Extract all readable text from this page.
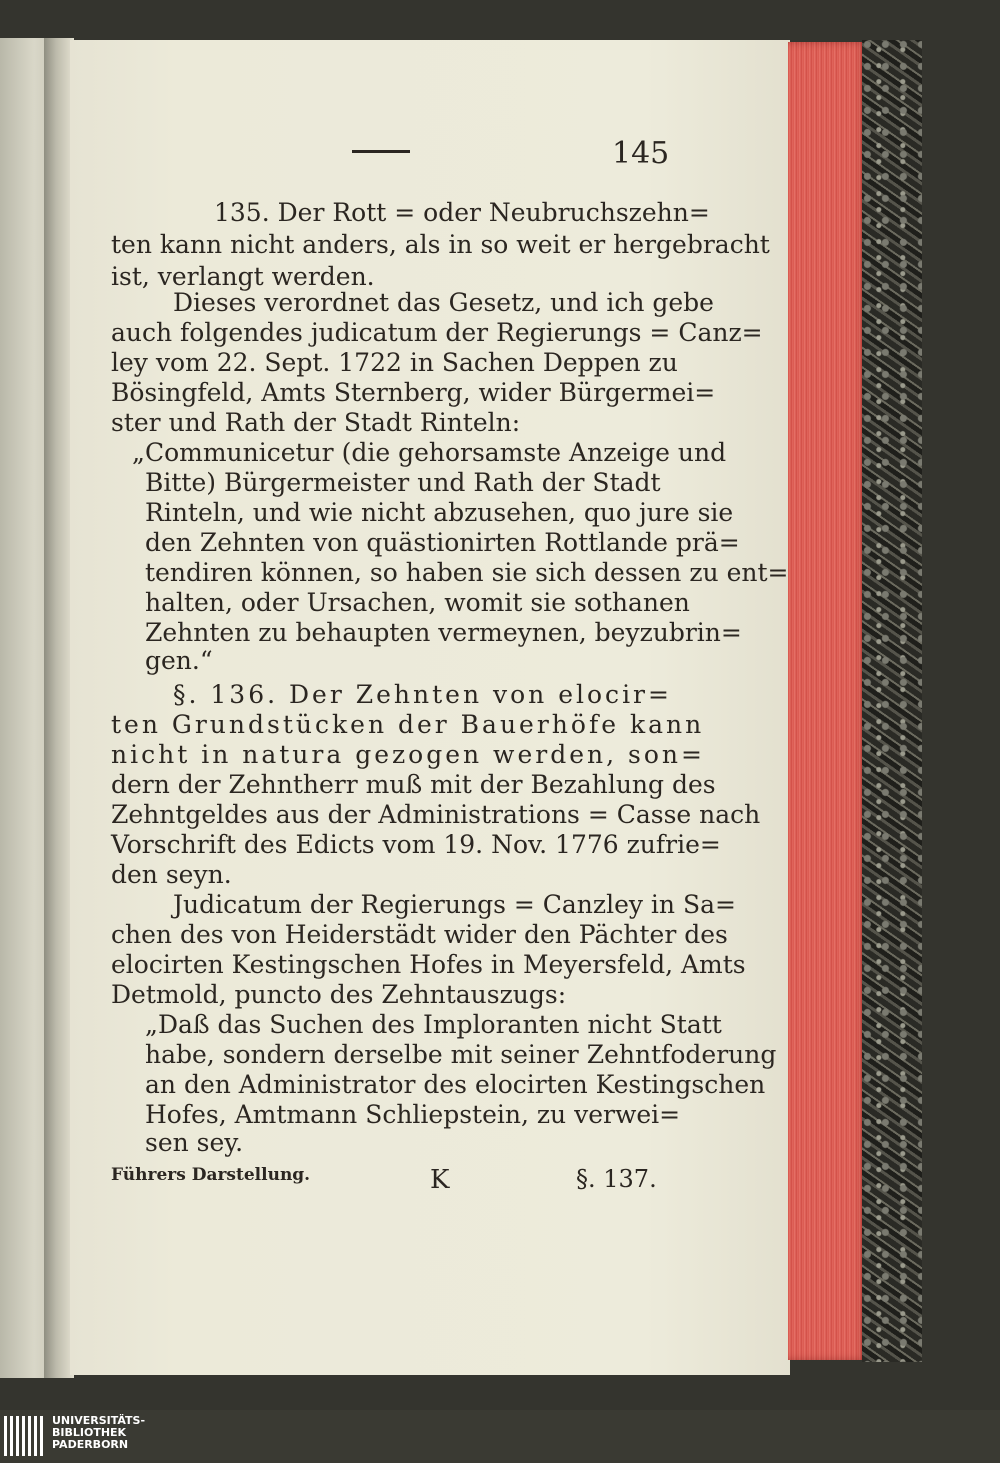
145

135. Der Rott = oder Neubruchszehn=

ten kann nicht anders, als in so weit er hergebracht

ist, verlangt werden.

Dieses verordnet das Gesetz, und ich gebe

auch folgendes judicatum der Regierungs = Canz=

ley vom 22. Sept. 1722 in Sachen Deppen zu

Bösingfeld, Amts Sternberg, wider Bürgermei=

ster und Rath der Stadt Rinteln:

„Communicetur (die gehorsamste Anzeige und

Bitte) Bürgermeister und Rath der Stadt

Rinteln, und wie nicht abzusehen, quo jure sie

den Zehnten von quästionirten Rottlande prä=

tendiren können, so haben sie sich dessen zu ent=

halten, oder Ursachen, womit sie sothanen

Zehnten zu behaupten vermeynen, beyzubrin=

gen.“

§. 136. Der Zehnten von elocir=

ten Grundstücken der Bauerhöfe kann

nicht in natura gezogen werden, son=

dern der Zehntherr muß mit der Bezahlung des

Zehntgeldes aus der Administrations = Casse nach

Vorschrift des Edicts vom 19. Nov. 1776 zufrie=

den seyn.

Judicatum der Regierungs = Canzley in Sa=

chen des von Heiderstädt wider den Pächter des

elocirten Kestingschen Hofes in Meyersfeld, Amts

Detmold, puncto des Zehntauszugs:

„Daß das Suchen des Imploranten nicht Statt

habe, sondern derselbe mit seiner Zehntfoderung

an den Administrator des elocirten Kestingschen

Hofes, Amtmann Schliepstein, zu verwei=

sen sey.

Führers Darstellung.	K	§. 137.

UNIVERSITÄTS-
BIBLIOTHEK
PADERBORN
